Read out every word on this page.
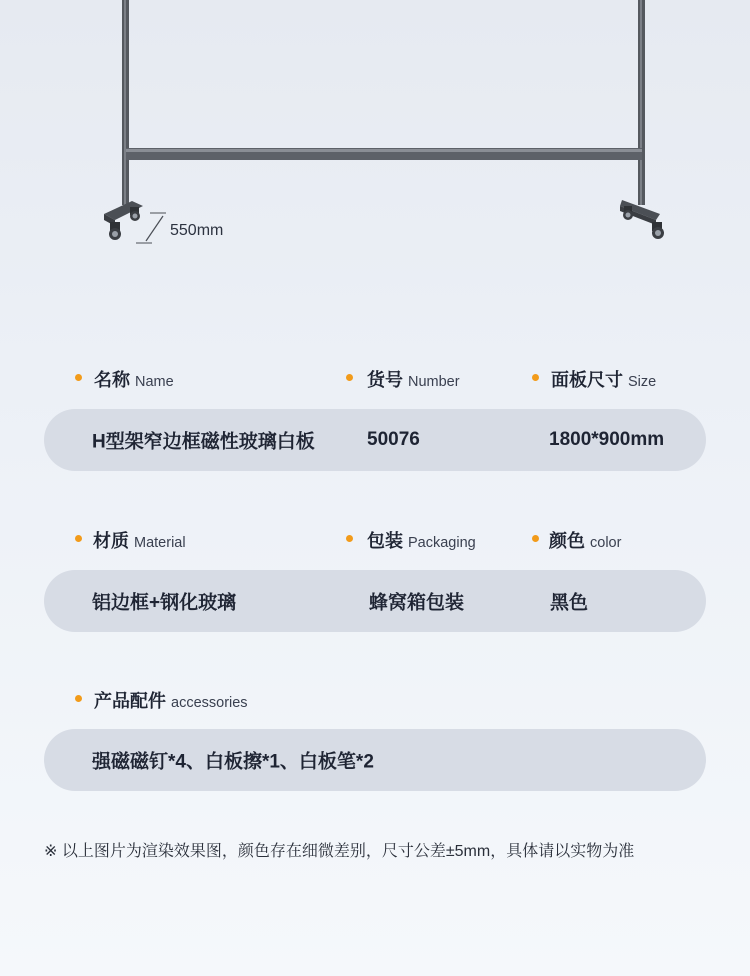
550mm
名称 Name	货号 Number	面板尺寸 Size
H型架窄边框磁性玻璃白板	50076	1800*900mm
材质 Material	包装 Packaging	颜色 color
铝边框+钢化玻璃	蜂窝箱包装	黑色
产品配件 accessories
强磁磁钉*4、白板擦*1、白板笔*2
※ 以上图片为渲染效果图，颜色存在细微差别，尺寸公差±5mm，具体请以实物为准
